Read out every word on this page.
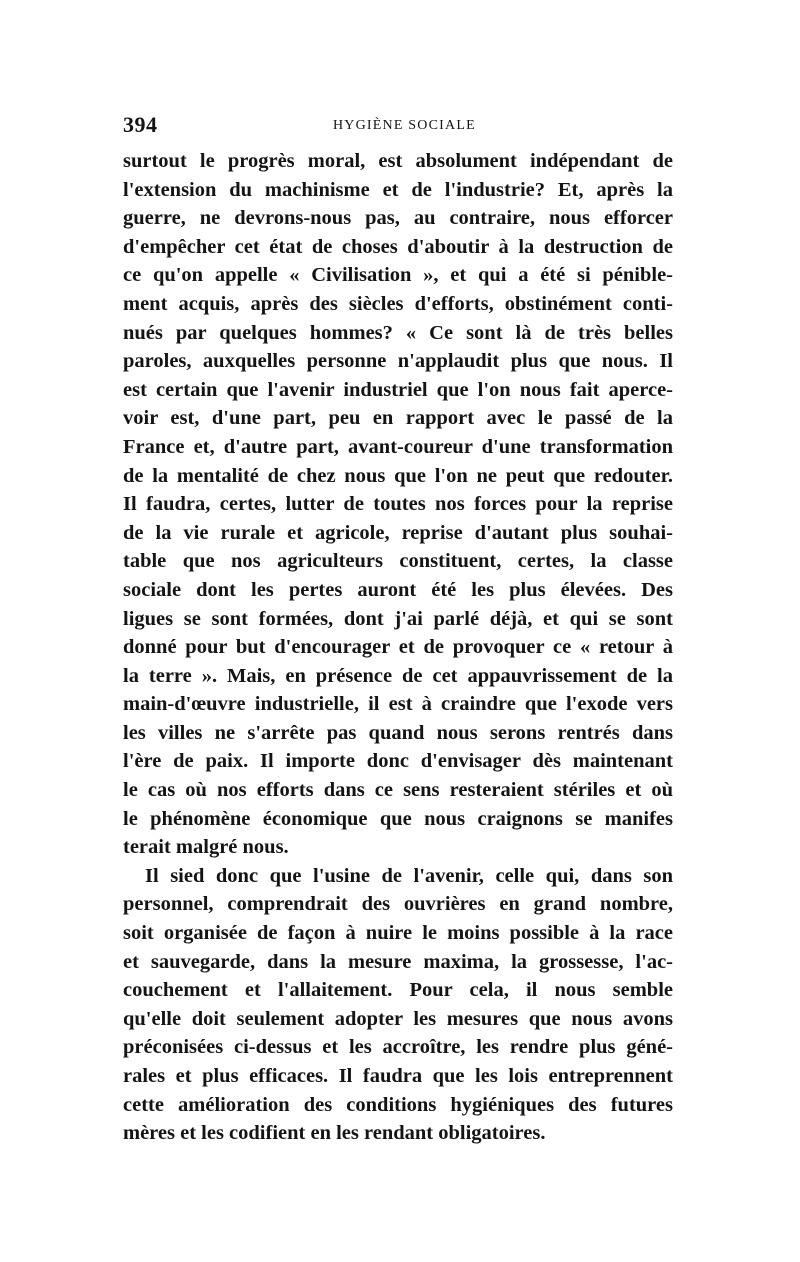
394	HYGIÈNE SOCIALE
surtout le progrès moral, est absolument indépendant de
l'extension du machinisme et de l'industrie? Et, après la
guerre, ne devrons-nous pas, au contraire, nous efforcer
d'empêcher cet état de choses d'aboutir à la destruction de
ce qu'on appelle « Civilisation », et qui a été si pénible-
ment acquis, après des siècles d'efforts, obstinément conti-
nués par quelques hommes? « Ce sont là de très belles
paroles, auxquelles personne n'applaudit plus que nous. Il
est certain que l'avenir industriel que l'on nous fait aperce-
voir est, d'une part, peu en rapport avec le passé de la
France et, d'autre part, avant-coureur d'une transformation
de la mentalité de chez nous que l'on ne peut que redouter.
Il faudra, certes, lutter de toutes nos forces pour la reprise
de la vie rurale et agricole, reprise d'autant plus souhai-
table que nos agriculteurs constituent, certes, la classe
sociale dont les pertes auront été les plus élevées. Des
ligues se sont formées, dont j'ai parlé déjà, et qui se sont
donné pour but d'encourager et de provoquer ce « retour à
la terre ». Mais, en présence de cet appauvrissement de la
main-d'œuvre industrielle, il est à craindre que l'exode vers
les villes ne s'arrête pas quand nous serons rentrés dans
l'ère de paix. Il importe donc d'envisager dès maintenant
le cas où nos efforts dans ce sens resteraient stériles et où
le phénomène économique que nous craignons se manifes
terait malgré nous.
Il sied donc que l'usine de l'avenir, celle qui, dans son
personnel, comprendrait des ouvrières en grand nombre,
soit organisée de façon à nuire le moins possible à la race
et sauvegarde, dans la mesure maxima, la grossesse, l'ac-
couchement et l'allaitement. Pour cela, il nous semble
qu'elle doit seulement adopter les mesures que nous avons
préconisées ci-dessus et les accroître, les rendre plus géné-
rales et plus efficaces. Il faudra que les lois entreprennent
cette amélioration des conditions hygiéniques des futures
mères et les codifient en les rendant obligatoires.
